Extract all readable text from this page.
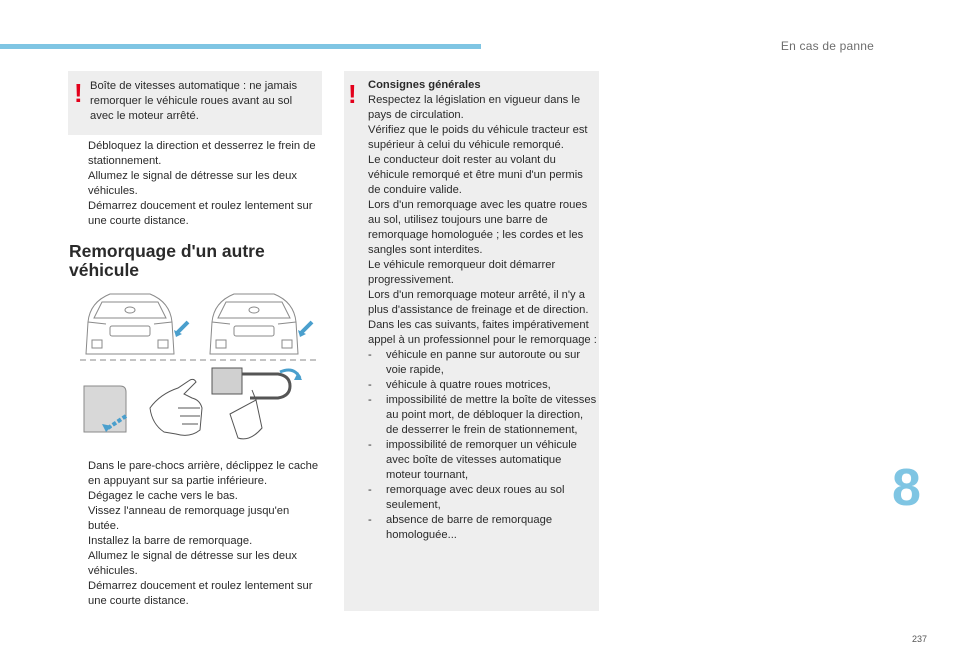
En cas de panne
! Boîte de vitesses automatique : ne jamais remorquer le véhicule roues avant au sol avec le moteur arrêté.
Débloquez la direction et desserrez le frein de stationnement.
Allumez le signal de détresse sur les deux véhicules.
Démarrez doucement et roulez lentement sur une courte distance.
Remorquage d'un autre
véhicule
Dans le pare-chocs arrière, déclippez le cache en appuyant sur sa partie inférieure.
Dégagez le cache vers le bas.
Vissez l'anneau de remorquage jusqu'en butée.
Installez la barre de remorquage.
Allumez le signal de détresse sur les deux véhicules.
Démarrez doucement et roulez lentement sur une courte distance.
! Consignes générales
Respectez la législation en vigueur dans le pays de circulation.
Vérifiez que le poids du véhicule tracteur est supérieur à celui du véhicule remorqué.
Le conducteur doit rester au volant du véhicule remorqué et être muni d'un permis de conduire valide.
Lors d'un remorquage avec les quatre roues au sol, utilisez toujours une barre de remorquage homologuée ; les cordes et les sangles sont interdites.
Le véhicule remorqueur doit démarrer progressivement.
Lors d'un remorquage moteur arrêté, il n'y a plus d'assistance de freinage et de direction.
Dans les cas suivants, faites impérativement appel à un professionnel pour le remorquage :
- véhicule en panne sur autoroute ou sur voie rapide,
- véhicule à quatre roues motrices,
- impossibilité de mettre la boîte de vitesses au point mort, de débloquer la direction, de desserrer le frein de stationnement,
- impossibilité de remorquer un véhicule avec boîte de vitesses automatique moteur tournant,
- remorquage avec deux roues au sol seulement,
- absence de barre de remorquage homologuée...
8
237
